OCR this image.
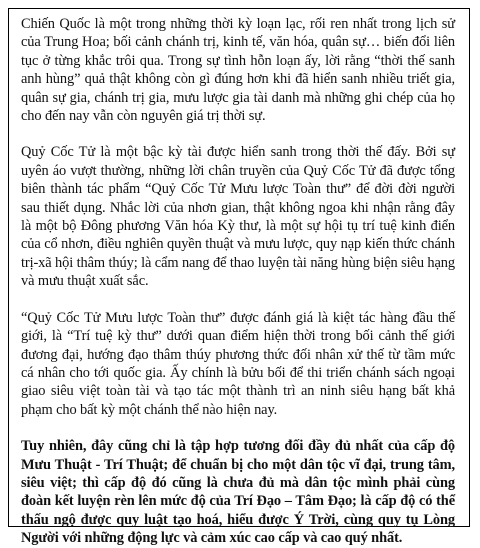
Chiến Quốc là một trong những thời kỳ loạn lạc, rối ren nhất trong lịch sử của Trung Hoa; bối cảnh chánh trị, kinh tế, văn hóa, quân sự… biến đổi liên tục ở từng khắc trôi qua. Trong sự tình hỗn loạn ấy, lời rằng “thời thế sanh anh hùng” quả thật không còn gì đúng hơn khi đã hiển sanh nhiều triết gia, quân sự gia, chánh trị gia, mưu lược gia tài danh mà những ghi chép của họ cho đến nay vẫn còn nguyên giá trị thời sự.

Quỷ Cốc Tử là một bậc kỳ tài được hiển sanh trong thời thế đấy. Bởi sự uyên áo vượt thường, những lời chân truyền của Quỷ Cốc Tử đã được tổng biên thành tác phẩm “Quỷ Cốc Tử Mưu lược Toàn thư” để đời đời người sau thiết dụng. Nhắc lời của nhơn gian, thật không ngoa khi nhận rằng đây là một bộ Đông phương Văn hóa Kỳ thư, là một sự hội tụ trí tuệ kinh điển của cổ nhơn, điều nghiên quyền thuật và mưu lược, quy nạp kiến thức chánh trị-xã hội thâm thúy; là cẩm nang để thao luyện tài năng hùng biện siêu hạng và mưu thuật xuất sắc.

“Quỷ Cốc Tử Mưu lược Toàn thư” được đánh giá là kiệt tác hàng đầu thế giới, là “Trí tuệ kỳ thư” dưới quan điểm hiện thời trong bối cảnh thế giới đương đại, hướng đạo thâm thúy phương thức đối nhân xử thế từ tầm mức cá nhân cho tới quốc gia. Ấy chính là bửu bối để thi triển chánh sách ngoại giao siêu việt toàn tài và tạo tác một thành trì an ninh siêu hạng bất khả phạm cho bất kỳ một chánh thể nào hiện nay.

Tuy nhiên, đây cũng chỉ là tập hợp tương đối đầy đủ nhất của cấp độ Mưu Thuật - Trí Thuật; để chuẩn bị cho một dân tộc vĩ đại, trung tâm, siêu việt; thì cấp độ đó cũng là chưa đủ mà dân tộc mình phải cùng đoàn kết luyện rèn lên mức độ của Trí Đạo – Tâm Đạo; là cấp độ có thể thấu ngộ được quy luật tạo hoá, hiểu được Ý Trời, cùng quy tụ Lòng Người với những động lực và cảm xúc cao cấp và cao quý nhất.
